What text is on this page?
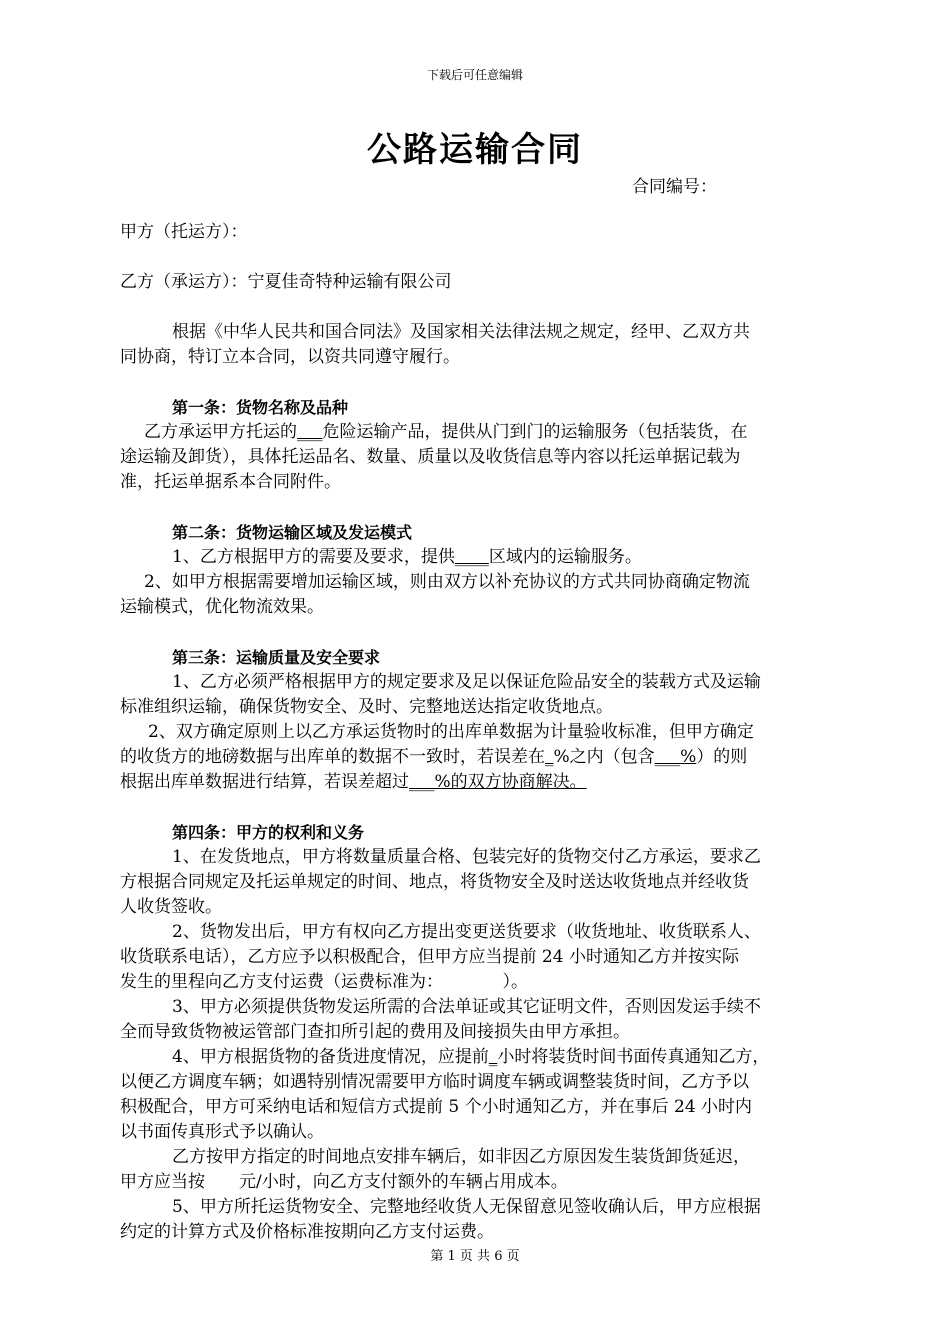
下载后可任意编辑
公路运输合同
合同编号：
甲方（托运方）：
乙方（承运方）：宁夏佳奇特种运输有限公司
根据《中华人民共和国合同法》及国家相关法律法规之规定，经甲、乙双方共
同协商，特订立本合同，以资共同遵守履行。
第一条：货物名称及品种
乙方承运甲方托运的___危险运输产品，提供从门到门的运输服务（包括装货，在
途运输及卸货），具体托运品名、数量、质量以及收货信息等内容以托运单据记载为
准，托运单据系本合同附件。
第二条：货物运输区域及发运模式
1、乙方根据甲方的需要及要求，提供____区域内的运输服务。
2、如甲方根据需要增加运输区域，则由双方以补充协议的方式共同协商确定物流
运输模式，优化物流效果。
第三条：运输质量及安全要求
1、乙方必须严格根据甲方的规定要求及足以保证危险品安全的装载方式及运输
标准组织运输，确保货物安全、及时、完整地送达指定收货地点。
2、双方确定原则上以乙方承运货物时的出库单数据为计量验收标准，但甲方确定
的收货方的地磅数据与出库单的数据不一致时，若误差在_%之内（包含___%）的则
根据出库单数据进行结算，若误差超过___%的双方协商解决。
第四条：甲方的权利和义务
1、在发货地点，甲方将数量质量合格、包装完好的货物交付乙方承运，要求乙
方根据合同规定及托运单规定的时间、地点，将货物安全及时送达收货地点并经收货
人收货签收。
2、货物发出后，甲方有权向乙方提出变更送货要求（收货地址、收货联系人、
收货联系电话），乙方应予以积极配合，但甲方应当提前 24 小时通知乙方并按实际
发生的里程向乙方支付运费（运费标准为：　　　　）。
3、甲方必须提供货物发运所需的合法单证或其它证明文件，否则因发运手续不
全而导致货物被运管部门查扣所引起的费用及间接损失由甲方承担。
4、甲方根据货物的备货进度情况，应提前_小时将装货时间书面传真通知乙方，
以便乙方调度车辆；如遇特别情况需要甲方临时调度车辆或调整装货时间，乙方予以
积极配合，甲方可采纳电话和短信方式提前 5 个小时通知乙方，并在事后 24 小时内
以书面传真形式予以确认。
乙方按甲方指定的时间地点安排车辆后，如非因乙方原因发生装货卸货延迟，
甲方应当按　　元/小时，向乙方支付额外的车辆占用成本。
5、甲方所托运货物安全、完整地经收货人无保留意见签收确认后，甲方应根据
约定的计算方式及价格标准按期向乙方支付运费。
第 1 页 共 6 页
